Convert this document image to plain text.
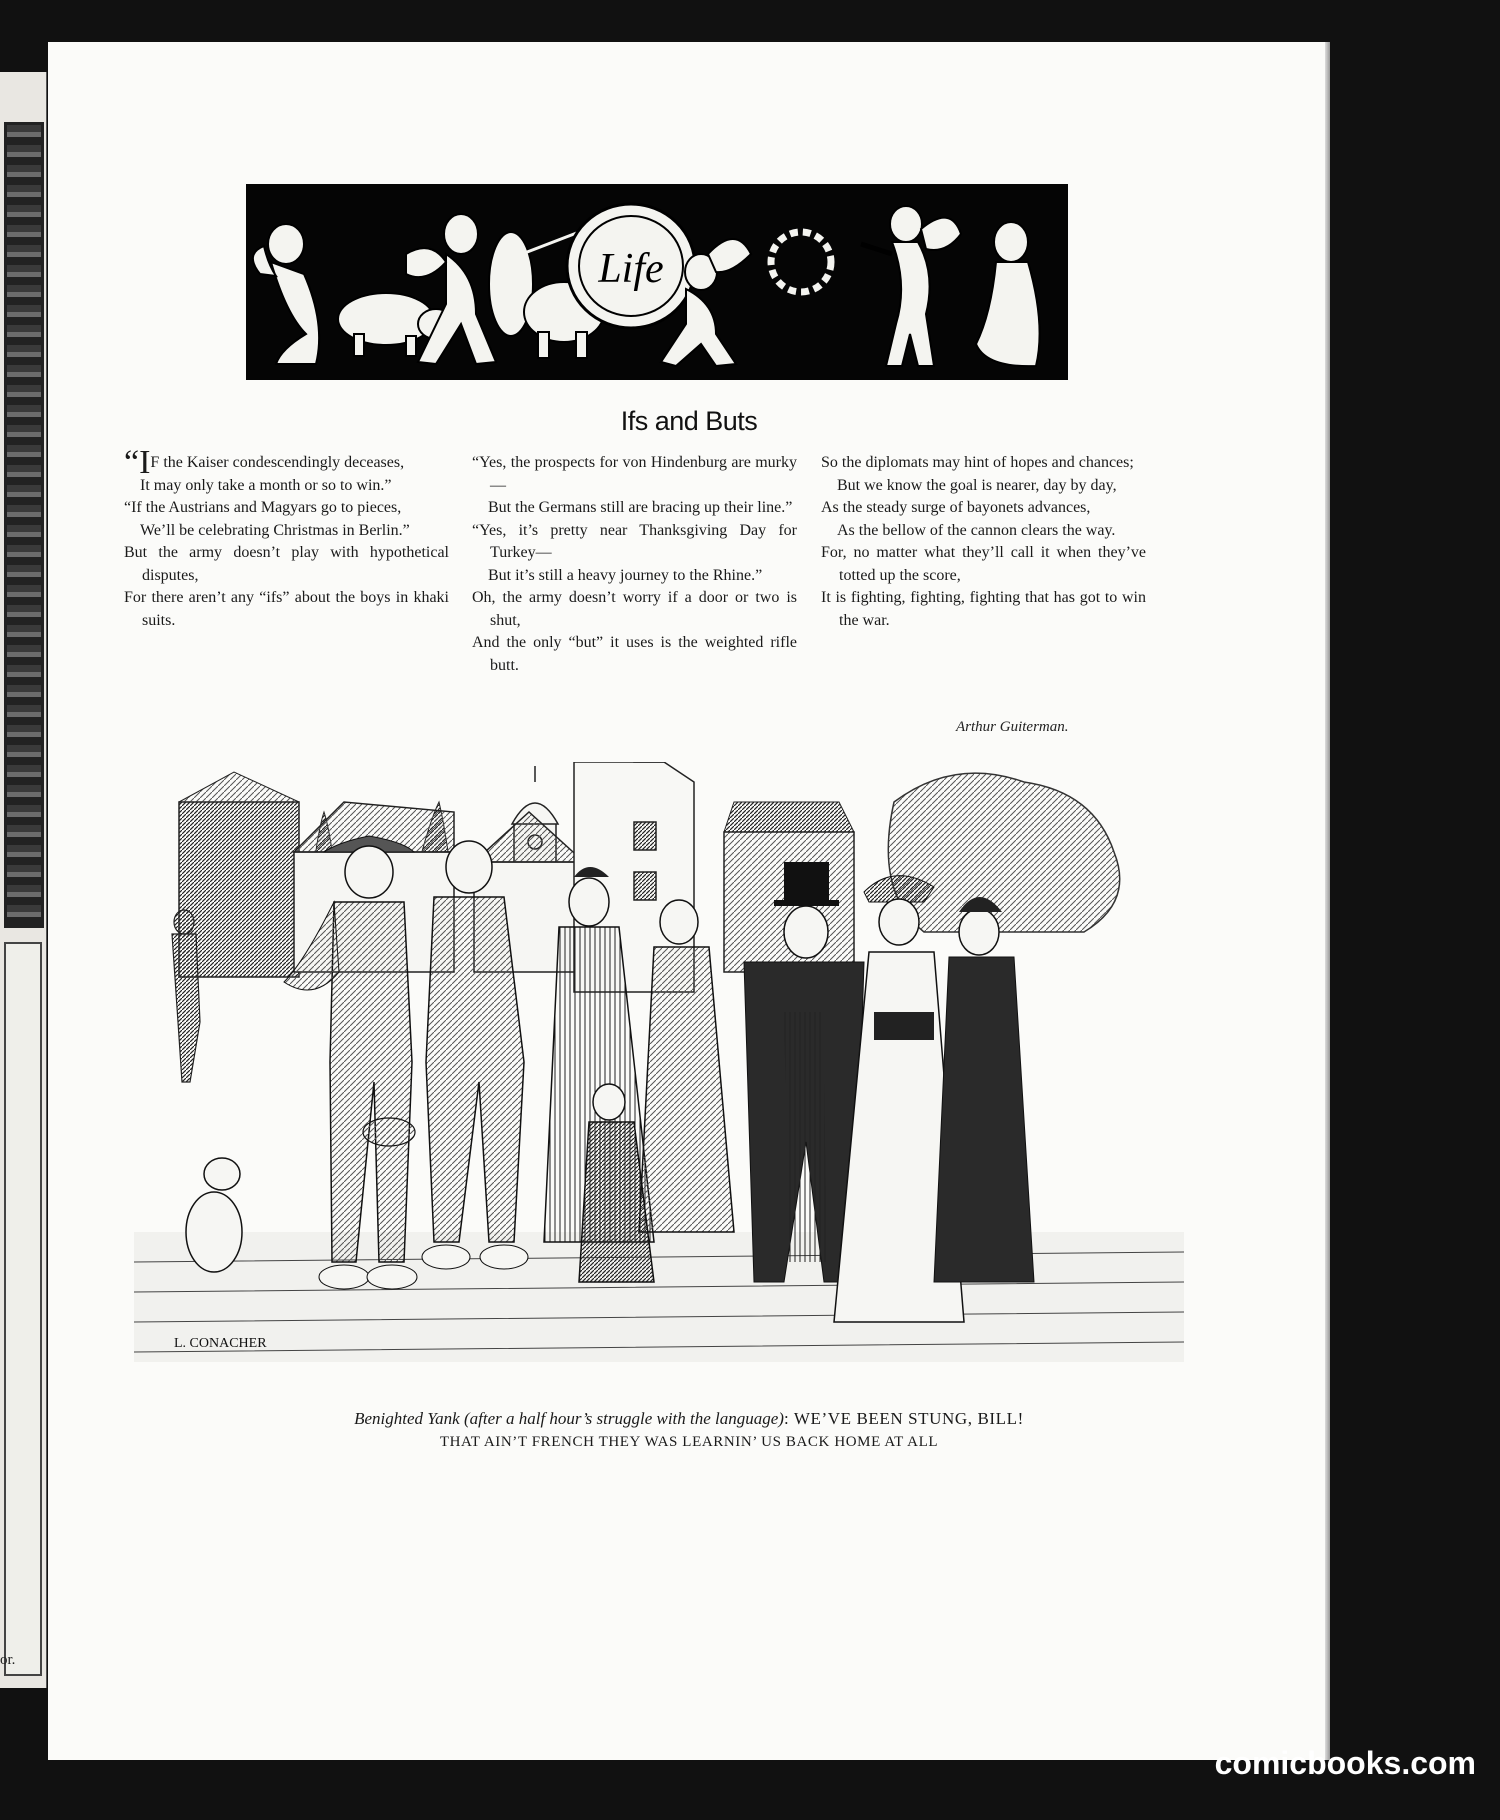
or.
Life
Ifs and Buts
“IF the Kaiser condescendingly deceases,
It may only take a month or so to win.”
“If the Austrians and Magyars go to pieces,
We’ll be celebrating Christmas in Berlin.”
But the army doesn’t play with hypothetical disputes,
For there aren’t any “ifs” about the boys in khaki suits.
“Yes, the prospects for von Hindenburg are murky—
But the Germans still are bracing up their line.”
“Yes, it’s pretty near Thanksgiving Day for Turkey—
But it’s still a heavy journey to the Rhine.”
Oh, the army doesn’t worry if a door or two is shut,
And the only “but” it uses is the weighted rifle butt.
So the diplomats may hint of hopes and chances;
But we know the goal is nearer, day by day,
As the steady surge of bayonets advances,
As the bellow of the cannon clears the way.
For, no matter what they’ll call it when they’ve totted up the score,
It is fighting, fighting, fighting that has got to win the war.
Arthur Guiterman.
L. CONACHER
Benighted Yank (after a half hour’s struggle with the language): WE’VE BEEN STUNG, BILL!
THAT AIN’T FRENCH THEY WAS LEARNIN’ US BACK HOME AT ALL
comicbooks.com
